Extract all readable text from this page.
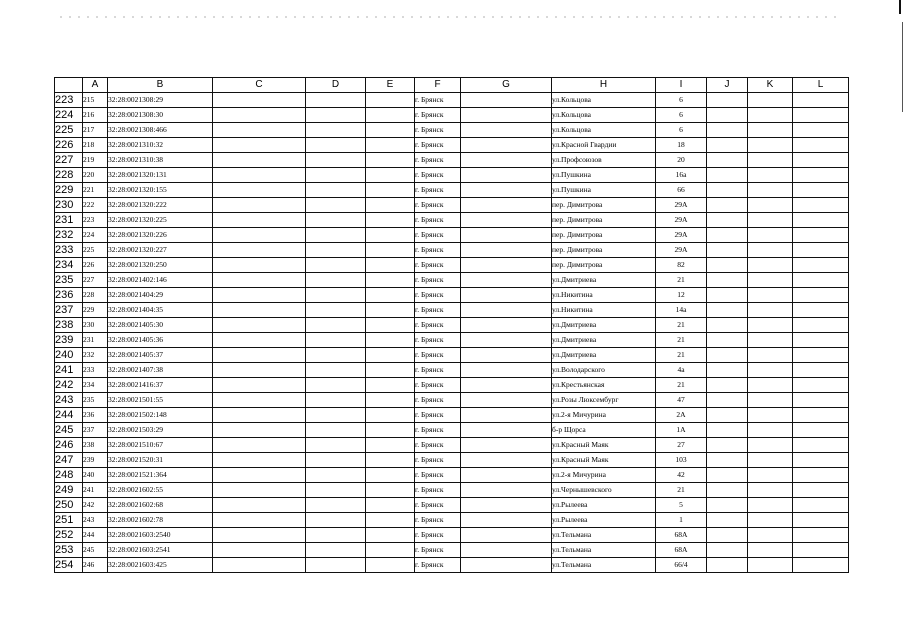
	A	B	C	D	E	F	G	H	I	J	K	L
223	215	32:28:0021308:29				г. Брянск		ул.Кольцова	6			
224	216	32:28:0021308:30				г. Брянск		ул.Кольцова	6			
225	217	32:28:0021308:466				г. Брянск		ул.Кольцова	6			
226	218	32:28:0021310:32				г. Брянск		ул.Красной Гвардии	18			
227	219	32:28:0021310:38				г. Брянск		ул.Профсоюзов	20			
228	220	32:28:0021320:131				г. Брянск		ул.Пушкина	16а			
229	221	32:28:0021320:155				г. Брянск		ул.Пушкина	66			
230	222	32:28:0021320:222				г. Брянск		пер. Димитрова	29А			
231	223	32:28:0021320:225				г. Брянск		пер. Димитрова	29А			
232	224	32:28:0021320:226				г. Брянск		пер. Димитрова	29А			
233	225	32:28:0021320:227				г. Брянск		пер. Димитрова	29А			
234	226	32:28:0021320:250				г. Брянск		пер. Димитрова	82			
235	227	32:28:0021402:146				г. Брянск		ул.Дмитриева	21			
236	228	32:28:0021404:29				г. Брянск		ул.Никитина	12			
237	229	32:28:0021404:35				г. Брянск		ул.Никитина	14а			
238	230	32:28:0021405:30				г. Брянск		ул.Дмитриева	21			
239	231	32:28:0021405:36				г. Брянск		ул.Дмитриева	21			
240	232	32:28:0021405:37				г. Брянск		ул.Дмитриева	21			
241	233	32:28:0021407:38				г. Брянск		ул.Володарского	4а			
242	234	32:28:0021416:37				г. Брянск		ул.Крестьянская	21			
243	235	32:28:0021501:55				г. Брянск		ул.Розы Люксембург	47			
244	236	32:28:0021502:148				г. Брянск		ул.2-я Мичурина	2А			
245	237	32:28:0021503:29				г. Брянск		б-р Щорса	1А			
246	238	32:28:0021510:67				г. Брянск		ул.Красный Маяк	27			
247	239	32:28:0021520:31				г. Брянск		ул.Красный Маяк	103			
248	240	32:28:0021521:364				г. Брянск		ул.2-я Мичурина	42			
249	241	32:28:0021602:55				г. Брянск		ул.Чернышевского	21			
250	242	32:28:0021602:68				г. Брянск		ул.Рылеева	5			
251	243	32:28:0021602:78				г. Брянск		ул.Рылеева	1			
252	244	32:28:0021603:2540				г. Брянск		ул.Тельмана	68А			
253	245	32:28:0021603:2541				г. Брянск		ул.Тельмана	68А			
254	246	32:28:0021603:425				г. Брянск		ул.Тельмана	66/4			
